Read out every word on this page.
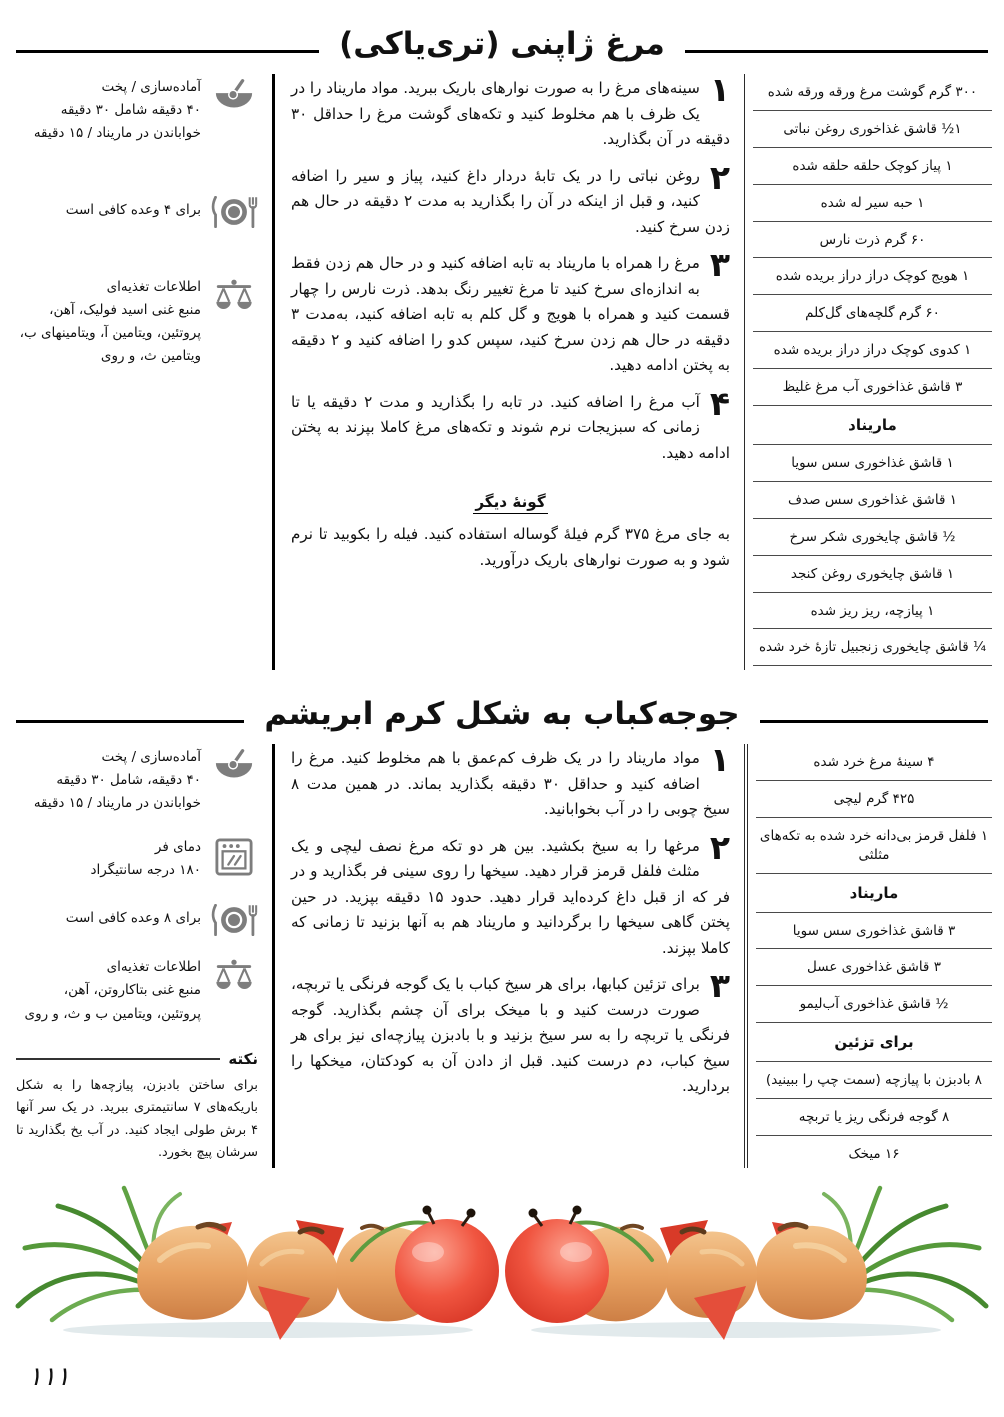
مرغ ژاپنی (تری‌یاکی)
۳۰۰ گرم گوشت مرغ ورقه ورقه شده
۱½ قاشق غذاخوری روغن نباتی
۱ پیاز کوچک حلقه حلقه شده
۱ حبه سیر له شده
۶۰ گرم ذرت نارس
۱ هویج کوچک دراز دراز بریده شده
۶۰ گرم گلچه‌های گل‌کلم
۱ کدوی کوچک دراز دراز بریده شده
۳ قاشق غذاخوری آب مرغ غلیظ
ماریناد
۱ قاشق غذاخوری سس سویا
۱ قاشق غذاخوری سس صدف
½ قاشق چایخوری شکر سرخ
۱ قاشق چایخوری روغن کنجد
۱ پیازچه، ریز ریز شده
¼ قاشق چایخوری زنجبیل تازهٔ خرد شده
۱
سینه‌های مرغ را به صورت نوارهای باریک ببرید. مواد ماریناد را در یک ظرف با هم مخلوط کنید و تکه‌های گوشت مرغ را حداقل ۳۰ دقیقه در آن بگذارید.
۲
روغن نباتی را در یک تابهٔ دردار داغ کنید، پیاز و سیر را اضافه کنید، و قبل از اینکه در آن را بگذارید به مدت ۲ دقیقه در حال هم زدن سرخ کنید.
۳
مرغ را همراه با ماریناد به تابه اضافه کنید و در حال هم زدن فقط به اندازه‌ای سرخ کنید تا مرغ تغییر رنگ بدهد. ذرت نارس را چهار قسمت کنید و همراه با هویج و گل کلم به تابه اضافه کنید، به‌مدت ۳ دقیقه در حال هم زدن سرخ کنید، سپس کدو را اضافه کنید و ۲ دقیقه به پختن ادامه دهید.
۴
آب مرغ را اضافه کنید. در تابه را بگذارید و مدت ۲ دقیقه یا تا زمانی که سبزیجات نرم شوند و تکه‌های مرغ کاملا بپزند به پختن ادامه دهید.
گونهٔ دیگر
به جای مرغ ۳۷۵ گرم فیلهٔ گوساله استفاده کنید. فیله را بکوبید تا نرم شود و به صورت نوارهای باریک درآورید.
آماده‌سازی / پخت
۴۰ دقیقه شامل ۳۰ دقیقه خواباندن در ماریناد / ۱۵ دقیقه
برای ۴ وعده کافی است
اطلاعات تغذیه‌ای
منبع غنی اسید فولیک، آهن، پروتئین، ویتامین آ، ویتامینهای ب، ویتامین ث، و روی
جوجه‌کباب به شکل کرم ابریشم
۴ سینهٔ مرغ خرد شده
۴۲۵ گرم لیچی
۱ فلفل قرمز بی‌دانه خرد شده به تکه‌های مثلثی
ماریناد
۳ قاشق غذاخوری سس سویا
۳ قاشق غذاخوری عسل
½ قاشق غذاخوری آب‌لیمو
برای تزئین
۸ بادبزن با پیازچه (سمت چپ را ببینید)
۸ گوجه فرنگی ریز یا تربچه
۱۶ میخک
۱
مواد ماریناد را در یک ظرف کم‌عمق با هم مخلوط کنید. مرغ را اضافه کنید و حداقل ۳۰ دقیقه بگذارید بماند. در همین مدت ۸ سیخ چوبی را در آب بخوابانید.
۲
مرغها را به سیخ بکشید. بین هر دو تکه مرغ نصف لیچی و یک مثلث فلفل قرمز قرار دهید. سیخها را روی سینی فر بگذارید و در فر که از قبل داغ کرده‌اید قرار دهید. حدود ۱۵ دقیقه بپزید. در حین پختن گاهی سیخها را برگردانید و ماریناد هم به آنها بزنید تا زمانی که کاملا بپزند.
۳
برای تزئین کبابها، برای هر سیخ کباب با یک گوجه فرنگی یا تربچه، صورت درست کنید و با میخک برای آن چشم بگذارید. گوجه فرنگی یا تربچه را به سر سیخ بزنید و با بادبزن پیازچه‌ای نیز برای هر سیخ کباب، دم درست کنید. قبل از دادن آن به کودکتان، میخکها را بردارید.
آماده‌سازی / پخت
۴۰ دقیقه، شامل ۳۰ دقیقه خواباندن در ماریناد / ۱۵ دقیقه
دمای فر
۱۸۰ درجه سانتیگراد
برای ۸ وعده کافی است
اطلاعات تغذیه‌ای
منبع غنی بتاکاروتن، آهن، پروتئین، ویتامین ب و ث، و روی
نکته
برای ساختن بادبزن، پیازچه‌ها را به شکل باریکه‌های ۷ سانتیمتری ببرید. در یک سر آنها ۴ برش طولی ایجاد کنید. در آب یخ بگذارید تا سرشان پیچ بخورد.
۱۱۱
